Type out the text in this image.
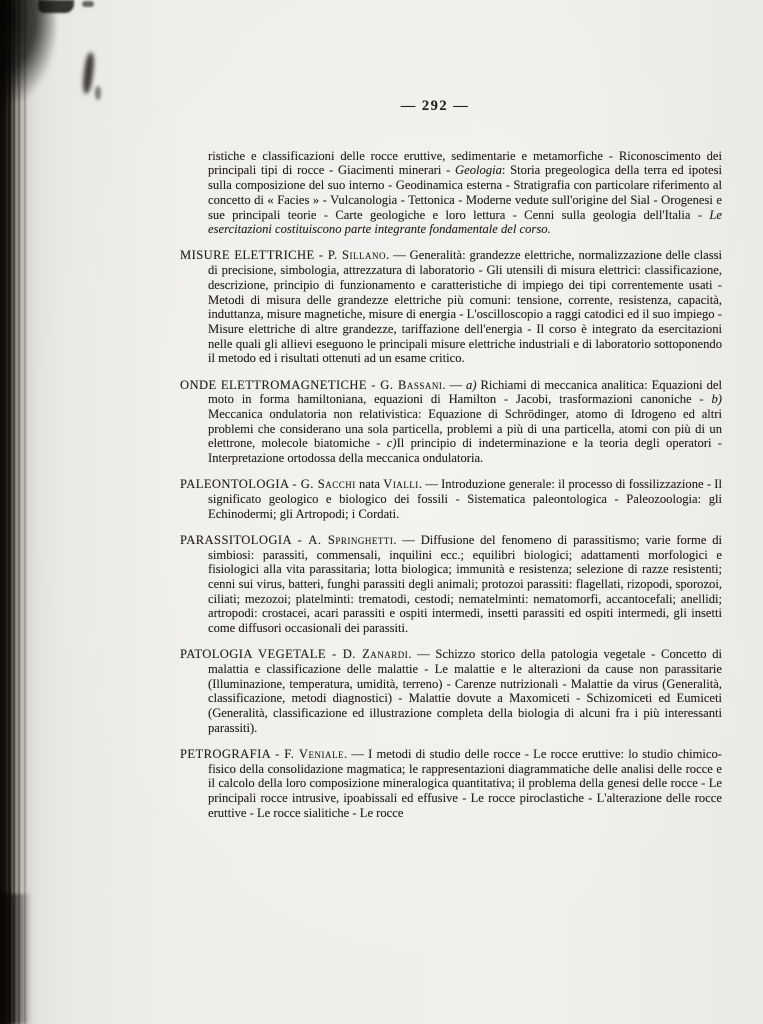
— 292 —

ristiche e classificazioni delle rocce eruttive, sedimentarie e metamorfiche - Riconoscimento dei principali tipi di rocce - Giacimenti minerari - Geologia: Storia pregeologica della terra ed ipotesi sulla composizione del suo interno - Geodinamica esterna - Stratigrafia con particolare riferimento al concetto di « Facies » - Vulcanologia - Tettonica - Moderne vedute sull'origine del Sial - Orogenesi e sue principali teorie - Carte geologiche e loro lettura - Cenni sulla geologia dell'Italia - Le esercitazioni costituiscono parte integrante fondamentale del corso.

MISURE ELETTRICHE - P. Sillano. — Generalità: grandezze elettriche, normalizzazione delle classi di precisione, simbologia, attrezzatura di laboratorio - Gli utensili di misura elettrici: classificazione, descrizione, principio di funzionamento e caratteristiche di impiego dei tipi correntemente usati - Metodi di misura delle grandezze elettriche più comuni: tensione, corrente, resistenza, capacità, induttanza, misure magnetiche, misure di energia - L'oscilloscopio a raggi catodici ed il suo impiego - Misure elettriche di altre grandezze, tariffazione dell'energia - Il corso è integrato da esercitazioni nelle quali gli allievi eseguono le principali misure elettriche industriali e di laboratorio sottoponendo il metodo ed i risultati ottenuti ad un esame critico.

ONDE ELETTROMAGNETICHE - G. Bassani. — a) Richiami di meccanica analitica: Equazioni del moto in forma hamiltoniana, equazioni di Hamilton - Jacobi, trasformazioni canoniche - b) Meccanica ondulatoria non relativistica: Equazione di Schrödinger, atomo di Idrogeno ed altri problemi che considerano una sola particella, problemi a più di una particella, atomi con più di un elettrone, molecole biatomiche - c)Il principio di indeterminazione e la teoria degli operatori - Interpretazione ortodossa della meccanica ondulatoria.

PALEONTOLOGIA - G. Sacchi nata Vialli. — Introduzione generale: il processo di fossilizzazione - Il significato geologico e biologico dei fossili - Sistematica paleontologica - Paleozoologia: gli Echinodermi; gli Artropodi; i Cordati.

PARASSITOLOGIA - A. Springhetti. — Diffusione del fenomeno di parassitismo; varie forme di simbiosi: parassiti, commensali, inquilini ecc.; equilibri biologici; adattamenti morfologici e fisiologici alla vita parassitaria; lotta biologica; immunità e resistenza; selezione di razze resistenti; cenni sui virus, batteri, funghi parassiti degli animali; protozoi parassiti: flagellati, rizopodi, sporozoi, ciliati; mezozoi; platelminti: trematodi, cestodi; nematelminti: nematomorfi, accantocefali; anellidi; artropodi: crostacei, acari parassiti e ospiti intermedi, insetti parassiti ed ospiti intermedi, gli insetti come diffusori occasionali dei parassiti.

PATOLOGIA VEGETALE - D. Zanardi. — Schizzo storico della patologia vegetale - Concetto di malattia e classificazione delle malattie - Le malattie e le alterazioni da cause non parassitarie (Illuminazione, temperatura, umidità, terreno) - Carenze nutrizionali - Malattie da virus (Generalità, classificazione, metodi diagnostici) - Malattie dovute a Maxomiceti - Schizomiceti ed Eumiceti (Generalità, classificazione ed illustrazione completa della biologia di alcuni fra i più interessanti parassiti).

PETROGRAFIA - F. Veniale. — I metodi di studio delle rocce - Le rocce eruttive: lo studio chimico-fisico della consolidazione magmatica; le rappresentazioni diagrammatiche delle analisi delle rocce e il calcolo della loro composizione mineralogica quantitativa; il problema della genesi delle rocce - Le principali rocce intrusive, ipoabissali ed effusive - Le rocce piroclastiche - L'alterazione delle rocce eruttive - Le rocce sialitiche - Le rocce
